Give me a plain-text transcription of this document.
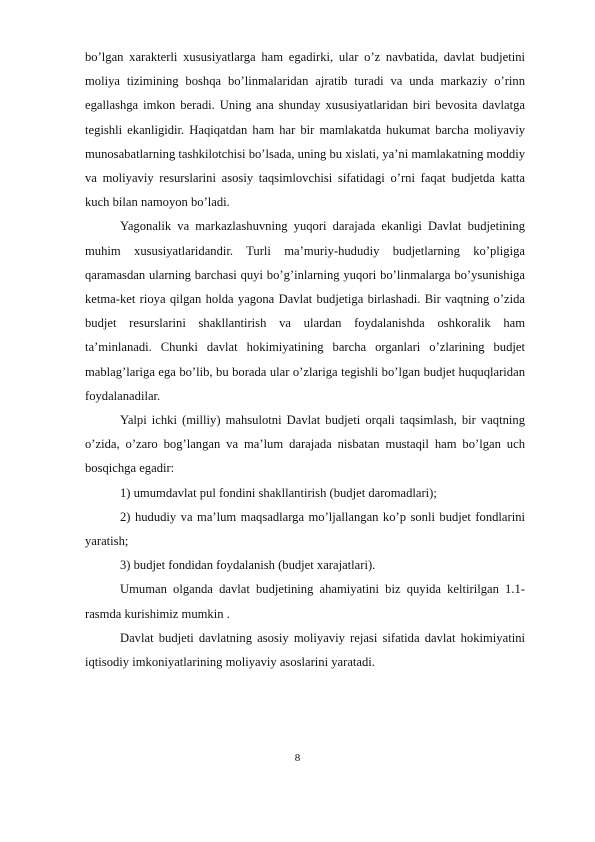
bo’lgan xarakterli xususiyatlarga ham egadirki, ular o’z navbatida, davlat budjetini moliya tizimining boshqa bo’linmalaridan ajratib turadi va unda markaziy o’rinn egallashga imkon beradi. Uning ana shunday xususiyatlaridan biri bevosita davlatga tegishli ekanligidir. Haqiqatdan ham har bir mamlakatda hukumat barcha moliyaviy munosabatlarning tashkilotchisi bo’lsada, uning bu xislati, ya’ni mamlakatning moddiy va moliyaviy resurslarini asosiy taqsimlovchisi sifatidagi o’rni faqat budjetda katta kuch bilan namoyon bo’ladi.

Yagonalik va markazlashuvning yuqori darajada ekanligi Davlat budjetining muhim xususiyatlaridandir. Turli ma’muriy-hududiy budjetlarning ko’pligiga qaramasdan ularning barchasi quyi bo’g’inlarning yuqori bo’linmalarga bo’ysunishiga ketma-ket rioya qilgan holda yagona Davlat budjetiga birlashadi. Bir vaqtning o’zida budjet resurslarini shakllantirish va ulardan foydalanishda oshkoralik ham ta’minlanadi. Chunki davlat hokimiyatining barcha organlari o’zlarining budjet mablag’lariga ega bo’lib, bu borada ular o’zlariga tegishli bo’lgan budjet huquqlaridan foydalanadilar.

Yalpi ichki (milliy) mahsulotni Davlat budjeti orqali taqsimlash, bir vaqtning o’zida, o’zaro bog’langan va ma’lum darajada nisbatan mustaqil ham bo’lgan uch bosqichga egadir:

1) umumdavlat pul fondini shakllantirish (budjet daromadlari);

2) hududiy va ma’lum maqsadlarga mo’ljallangan ko’p sonli budjet fondlarini yaratish;

3) budjet fondidan foydalanish (budjet xarajatlari).

Umuman olganda davlat budjetining ahamiyatini biz quyida keltirilgan 1.1- rasmda kurishimiz mumkin .

Davlat budjeti davlatning asosiy moliyaviy rejasi sifatida davlat hokimiyatini iqtisodiy imkoniyatlarining moliyaviy asoslarini yaratadi.

8
